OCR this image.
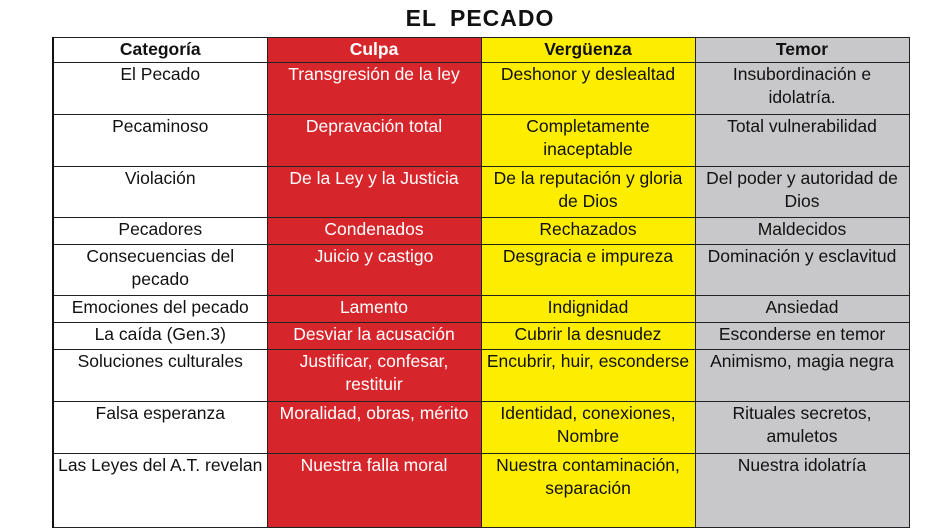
EL PECADO
Categoría	Culpa	Vergüenza	Temor
El Pecado	Transgresión de la ley	Deshonor y deslealtad	Insubordinación e idolatría.
Pecaminoso	Depravación total	Completamente inaceptable	Total vulnerabilidad
Violación	De la Ley y la Justicia	De la reputación y gloria de Dios	Del poder y autoridad de Dios
Pecadores	Condenados	Rechazados	Maldecidos
Consecuencias del pecado	Juicio y castigo	Desgracia e impureza	Dominación y esclavitud
Emociones del pecado	Lamento	Indignidad	Ansiedad
La caída (Gen.3)	Desviar la acusación	Cubrir la desnudez	Esconderse en temor
Soluciones culturales	Justificar, confesar, restituir	Encubrir, huir, esconderse	Animismo, magia negra
Falsa esperanza	Moralidad, obras, mérito	Identidad, conexiones, Nombre	Rituales secretos, amuletos
Las Leyes del A.T. revelan	Nuestra falla moral	Nuestra contaminación, separación	Nuestra idolatría
